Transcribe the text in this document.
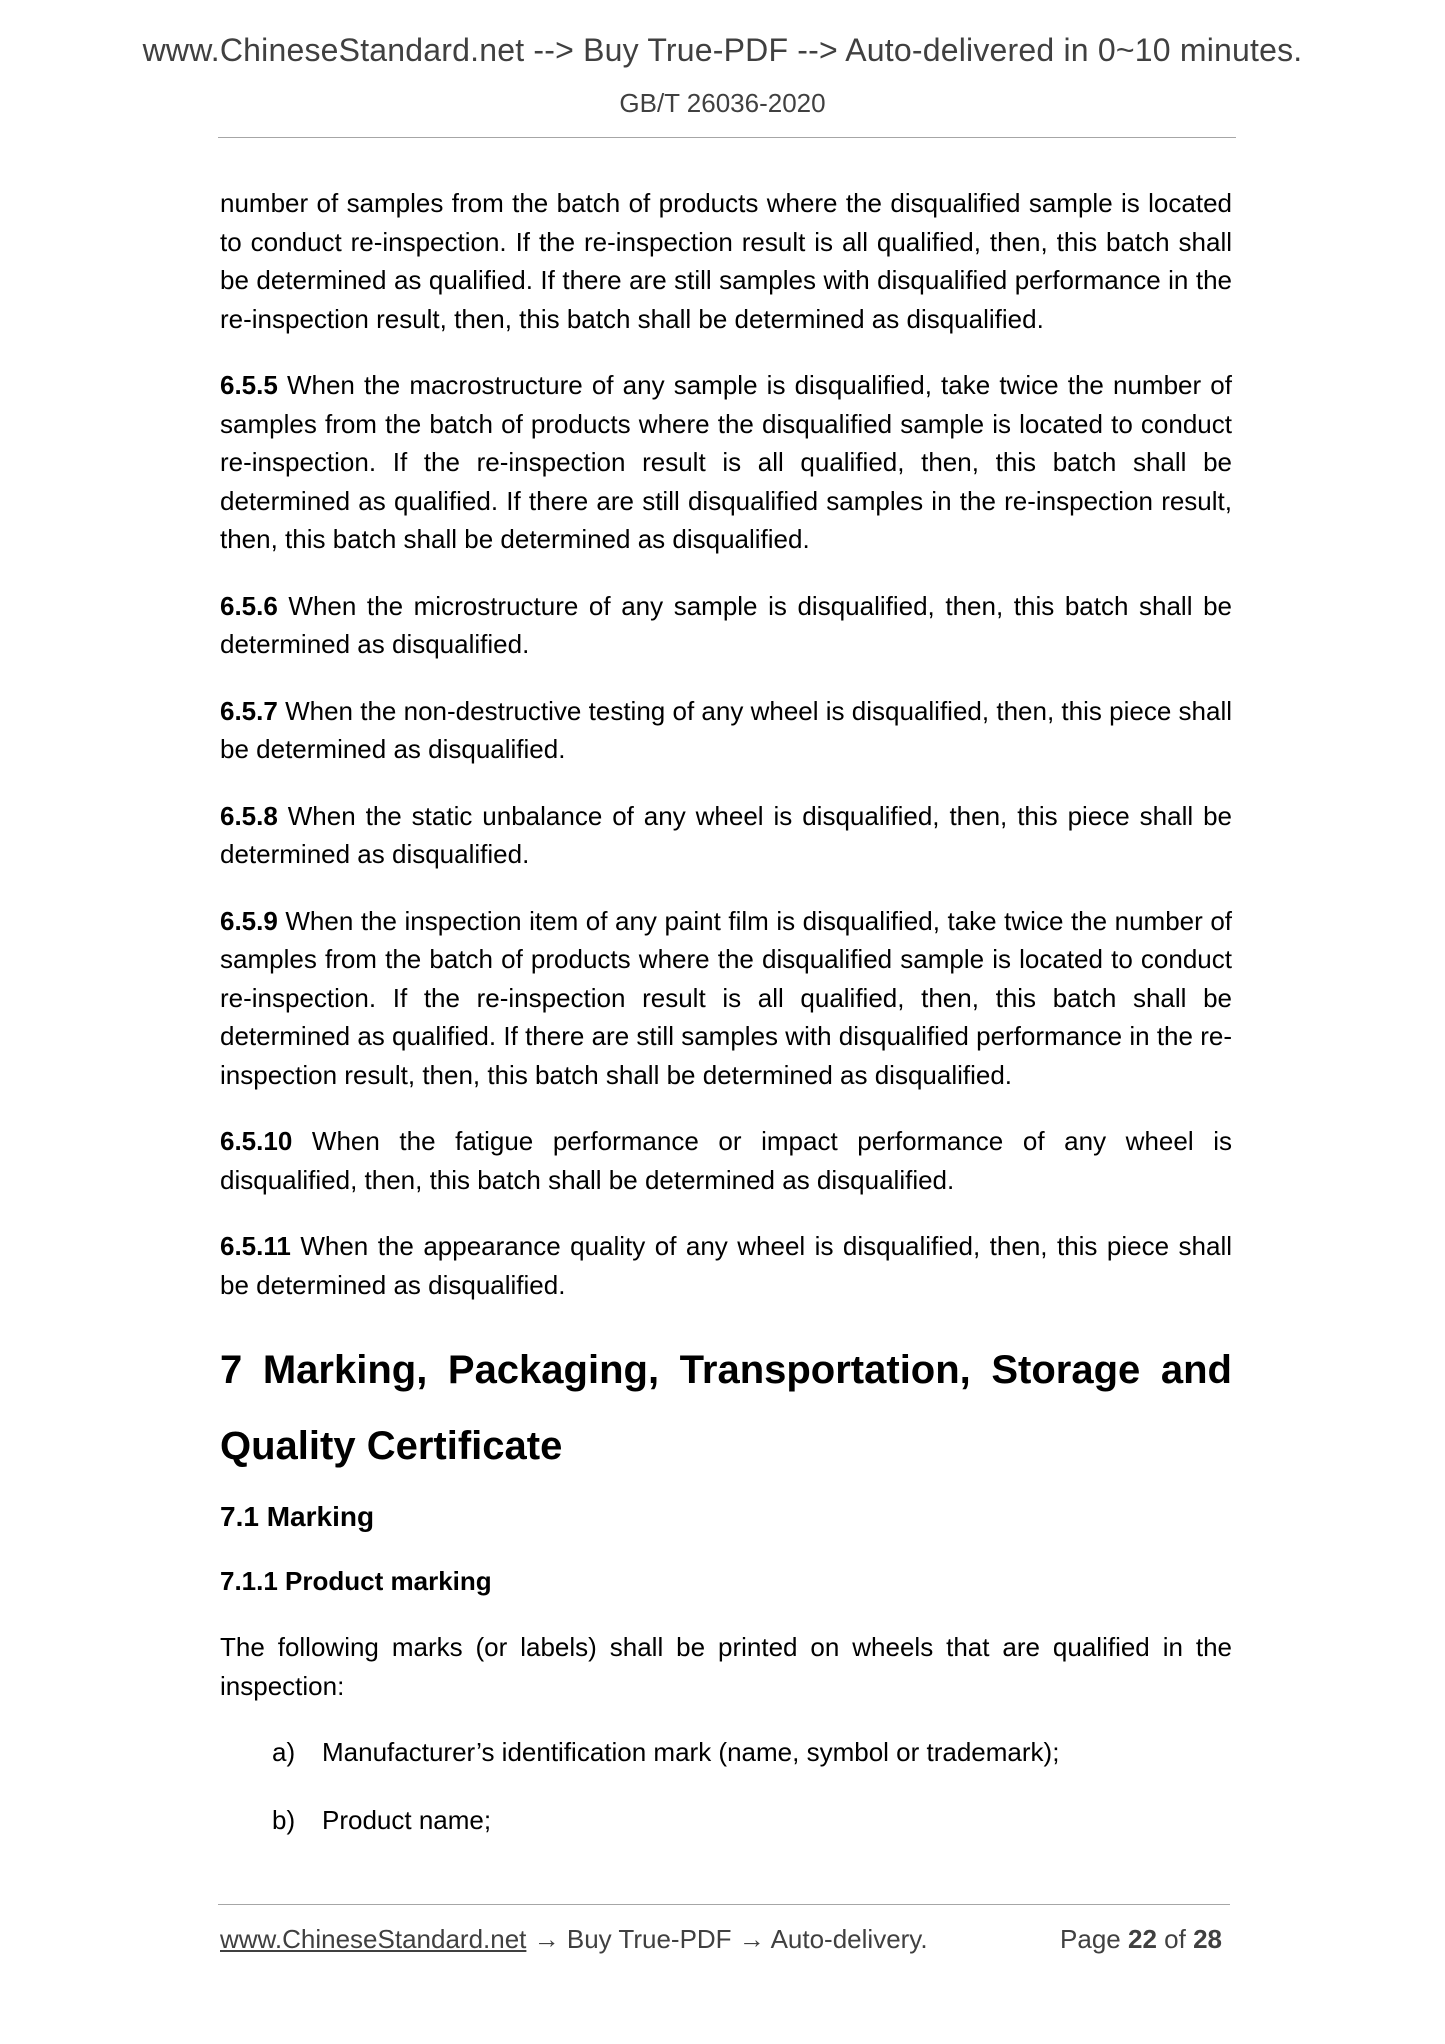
www.ChineseStandard.net --> Buy True-PDF --> Auto-delivered in 0~10 minutes.
GB/T 26036-2020

number of samples from the batch of products where the disqualified sample is located to conduct re-inspection. If the re-inspection result is all qualified, then, this batch shall be determined as qualified. If there are still samples with disqualified performance in the re-inspection result, then, this batch shall be determined as disqualified.

6.5.5 When the macrostructure of any sample is disqualified, take twice the number of samples from the batch of products where the disqualified sample is located to conduct re-inspection. If the re-inspection result is all qualified, then, this batch shall be determined as qualified. If there are still disqualified samples in the re-inspection result, then, this batch shall be determined as disqualified.

6.5.6 When the microstructure of any sample is disqualified, then, this batch shall be determined as disqualified.

6.5.7 When the non-destructive testing of any wheel is disqualified, then, this piece shall be determined as disqualified.

6.5.8 When the static unbalance of any wheel is disqualified, then, this piece shall be determined as disqualified.

6.5.9 When the inspection item of any paint film is disqualified, take twice the number of samples from the batch of products where the disqualified sample is located to conduct re-inspection. If the re-inspection result is all qualified, then, this batch shall be determined as qualified. If there are still samples with disqualified performance in the re-inspection result, then, this batch shall be determined as disqualified.

6.5.10 When the fatigue performance or impact performance of any wheel is disqualified, then, this batch shall be determined as disqualified.

6.5.11 When the appearance quality of any wheel is disqualified, then, this piece shall be determined as disqualified.

7 Marking, Packaging, Transportation, Storage and Quality Certificate
7.1 Marking
7.1.1 Product marking

The following marks (or labels) shall be printed on wheels that are qualified in the inspection:

a) Manufacturer’s identification mark (name, symbol or trademark);
b) Product name;
www.ChineseStandard.net → Buy True-PDF → Auto-delivery.	Page 22 of 28
